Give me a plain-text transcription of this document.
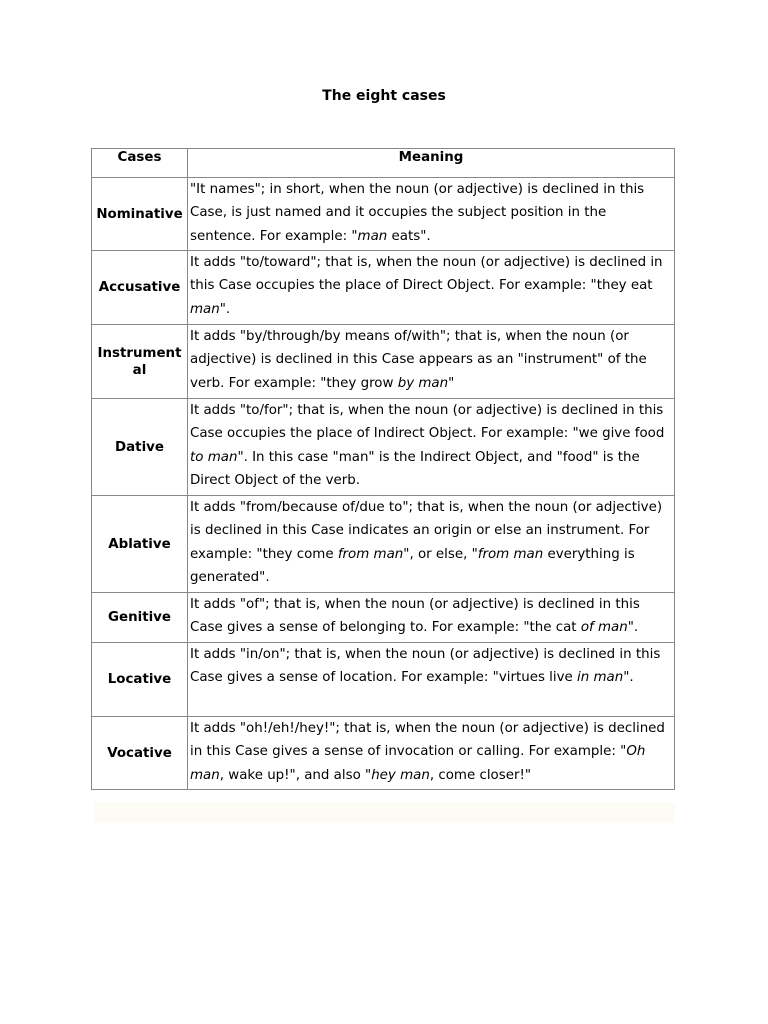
The eight cases
Cases	Meaning
Nominative	"It names"; in short, when the noun (or adjective) is declined in this Case, is just named and it occupies the subject position in the sentence. For example: "man eats".
Accusative	It adds "to/toward"; that is, when the noun (or adjective) is declined in this Case occupies the place of Direct Object. For example: "they eat man".
Instrumental	It adds "by/through/by means of/with"; that is, when the noun (or adjective) is declined in this Case appears as an "instrument" of the verb. For example: "they grow by man"
Dative	It adds "to/for"; that is, when the noun (or adjective) is declined in this Case occupies the place of Indirect Object. For example: "we give food to man". In this case "man" is the Indirect Object, and "food" is the Direct Object of the verb.
Ablative	It adds "from/because of/due to"; that is, when the noun (or adjective) is declined in this Case indicates an origin or else an instrument. For example: "they come from man", or else, "from man everything is generated".
Genitive	It adds "of"; that is, when the noun (or adjective) is declined in this Case gives a sense of belonging to. For example: "the cat of man".
Locative	It adds "in/on"; that is, when the noun (or adjective) is declined in this Case gives a sense of location. For example: "virtues live in man".
Vocative	It adds "oh!/eh!/hey!"; that is, when the noun (or adjective) is declined in this Case gives a sense of invocation or calling. For example: "Oh man, wake up!", and also "hey man, come closer!"
